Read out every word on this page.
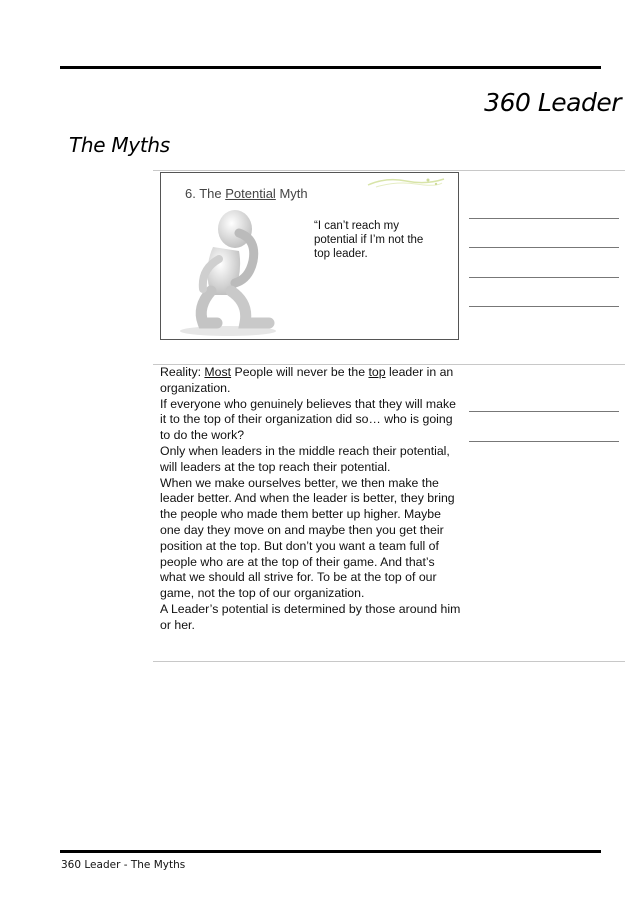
360 Leader
The Myths
6. The Potential Myth
“I can’t reach my potential if I’m not the top leader.

Reality: Most People will never be the top leader in an organization.

If everyone who genuinely believes that they will make it to the top of their organization did so… who is going to do the work?

Only when leaders in the middle reach their potential, will leaders at the top reach their potential.

When we make ourselves better, we then make the leader better. And when the leader is better, they bring the people who made them better up higher. Maybe one day they move on and maybe then you get their position at the top. But don’t you want a team full of people who are at the top of their game. And that’s what we should all strive for. To be at the top of our game, not the top of our organization.

A Leader’s potential is determined by those around him or her.

360 Leader - The Myths
